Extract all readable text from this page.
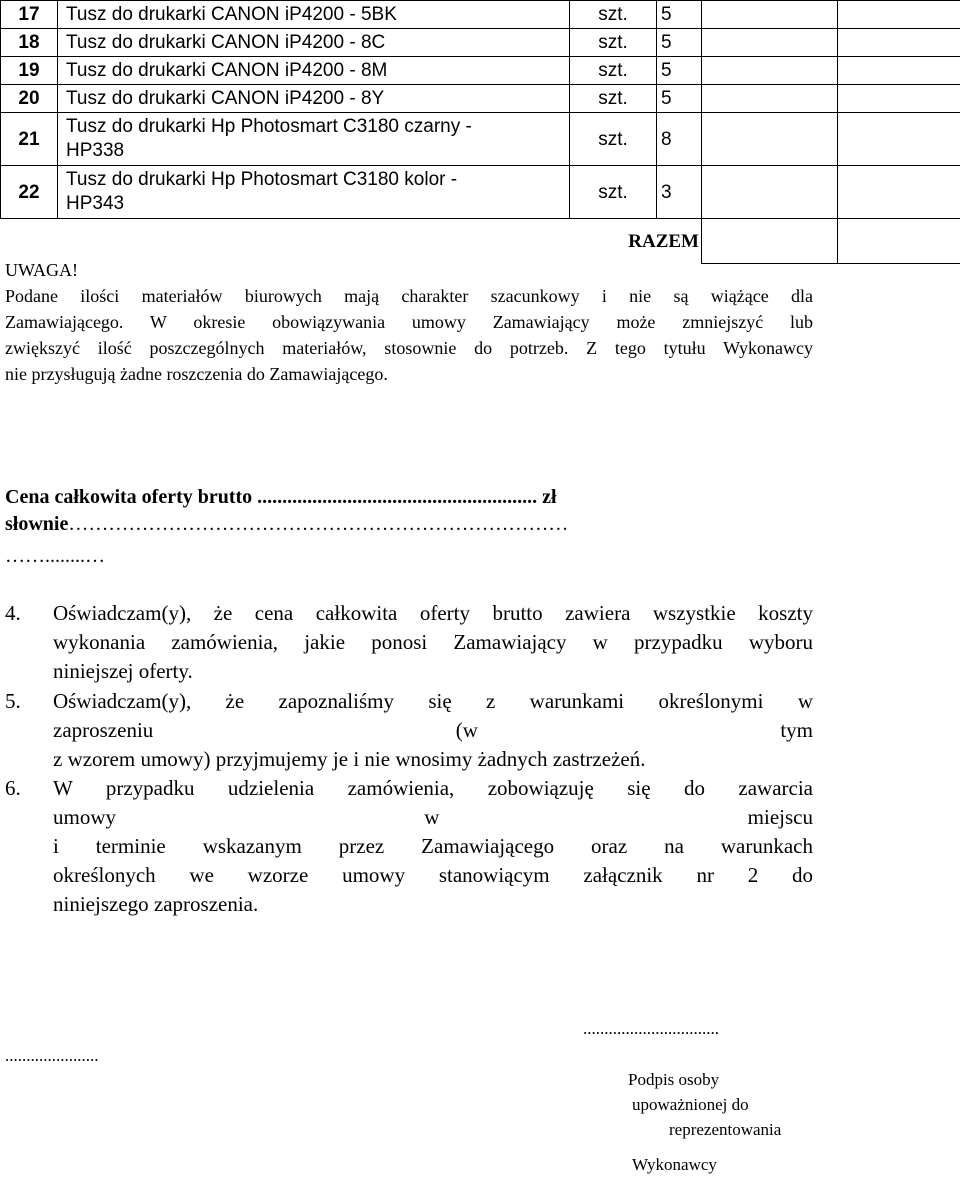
17	Tusz do drukarki CANON iP4200 - 5BK	szt.	5		
18	Tusz do drukarki CANON iP4200 - 8C	szt.	5		
19	Tusz do drukarki CANON iP4200 - 8M	szt.	5		
20	Tusz do drukarki CANON iP4200 - 8Y	szt.	5		
21	Tusz do drukarki Hp Photosmart C3180 czarny -
HP338	szt.	8		
22	Tusz do drukarki Hp Photosmart C3180 kolor -
HP343	szt.	3		
		RAZEM			
UWAGA!
Podane ilości materiałów biurowych mają charakter szacunkowy i nie są wiążące dla
Zamawiającego. W okresie obowiązywania umowy Zamawiający może zmniejszyć lub
zwiększyć ilość poszczególnych materiałów, stosownie do potrzeb. Z tego tytułu Wykonawcy
nie przysługują żadne roszczenia do Zamawiającego.
Cena całkowita oferty brutto ........................................................ zł
słownie…………………………………………………………………
……........…
4. Oświadczam(y), że cena całkowita oferty brutto zawiera wszystkie koszty
wykonania zamówienia, jakie ponosi Zamawiający w przypadku wyboru
niniejszej oferty.
5. Oświadczam(y), że zapoznaliśmy się z warunkami określonymi w
zaproszeniu (w tym
z wzorem umowy) przyjmujemy je i nie wnosimy żadnych zastrzeżeń.
6. W przypadku udzielenia zamówienia, zobowiązuję się do zawarcia
umowy w miejscu
i terminie wskazanym przez Zamawiającego oraz na warunkach
określonych we wzorze umowy stanowiącym załącznik nr 2 do
niniejszego zaproszenia.
................................
......................
Podpis osoby
upoważnionej do
reprezentowania
Wykonawcy
